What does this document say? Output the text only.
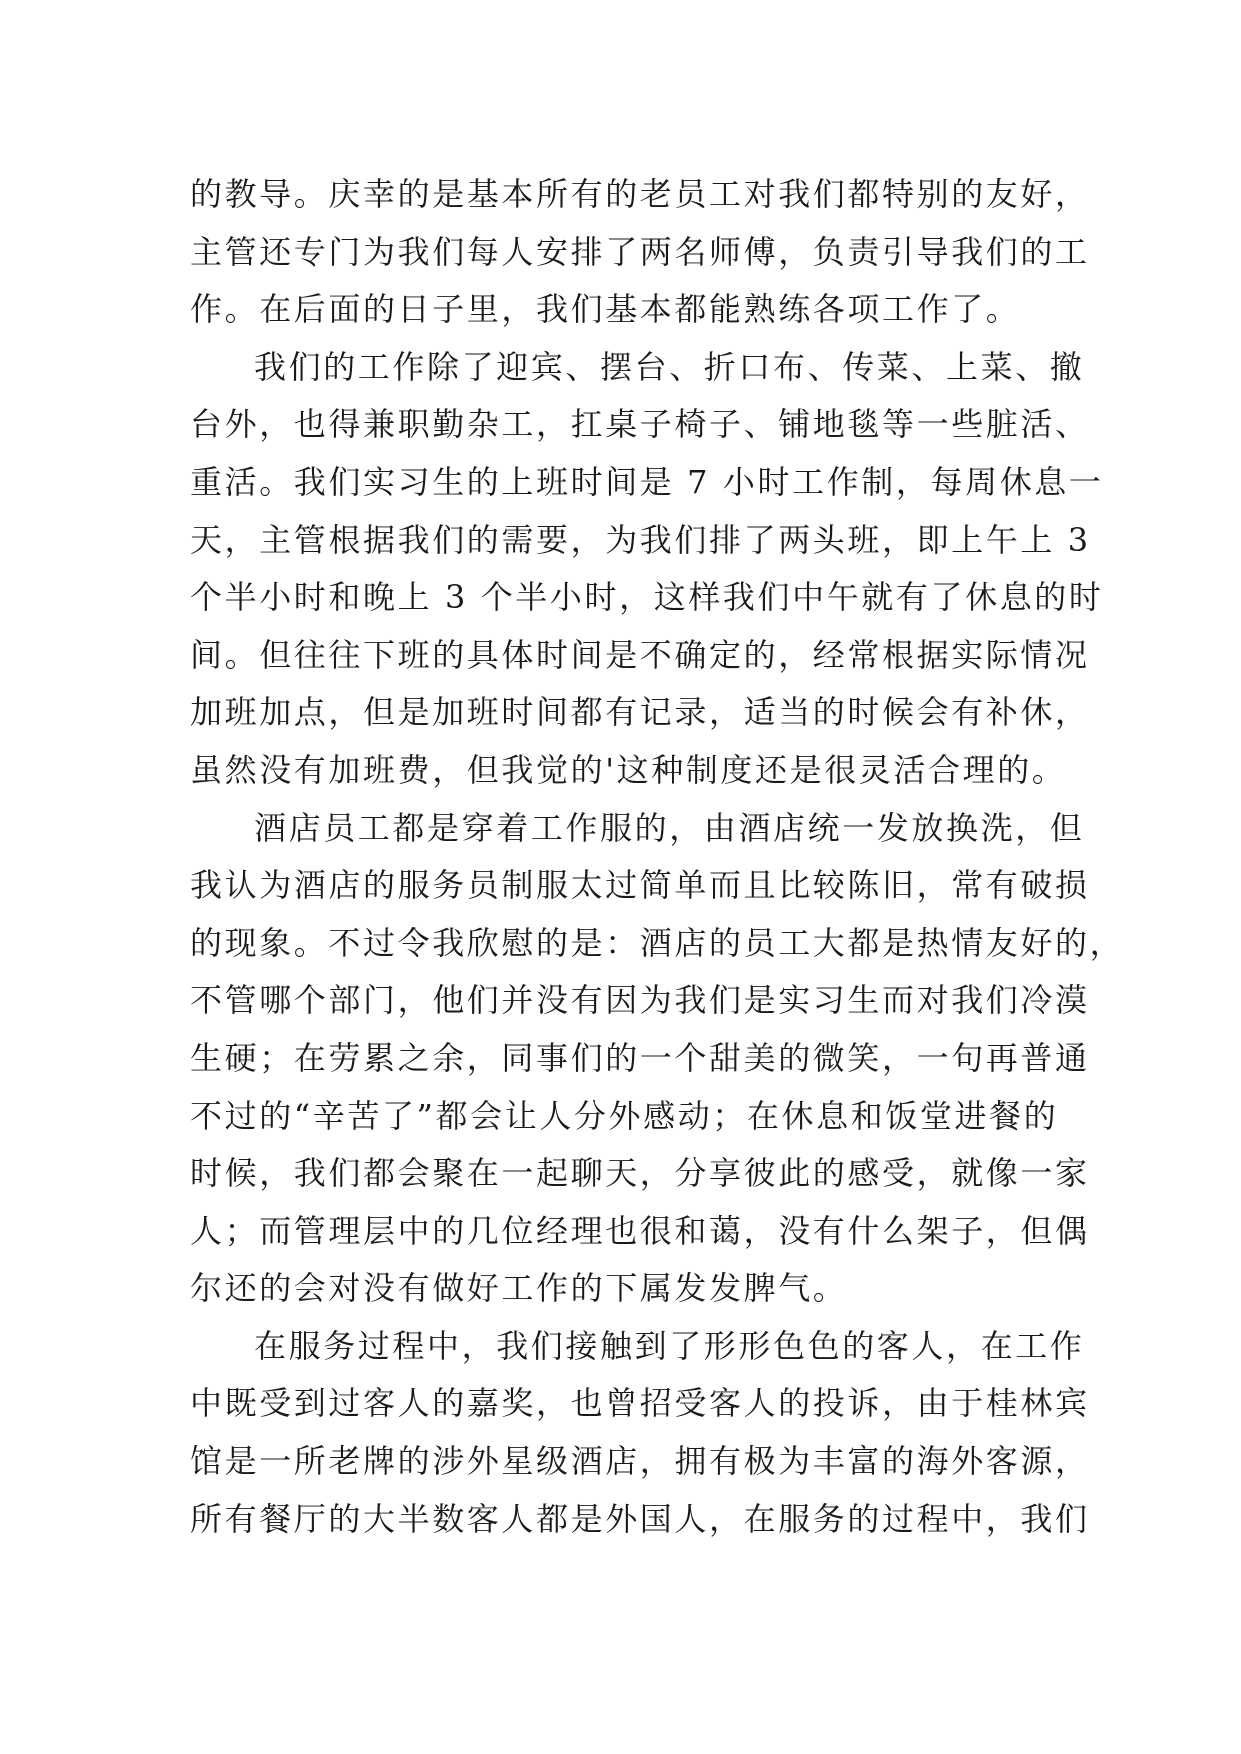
的教导。庆幸的是基本所有的老员工对我们都特别的友好，
主管还专门为我们每人安排了两名师傅，负责引导我们的工
作。在后面的日子里，我们基本都能熟练各项工作了。
我们的工作除了迎宾、摆台、折口布、传菜、上菜、撤
台外，也得兼职勤杂工，扛桌子椅子、铺地毯等一些脏活、
重活。我们实习生的上班时间是 7 小时工作制，每周休息一
天，主管根据我们的需要，为我们排了两头班，即上午上 3
个半小时和晚上 3 个半小时，这样我们中午就有了休息的时
间。但往往下班的具体时间是不确定的，经常根据实际情况
加班加点，但是加班时间都有记录，适当的时候会有补休，
虽然没有加班费，但我觉的'这种制度还是很灵活合理的。
酒店员工都是穿着工作服的，由酒店统一发放换洗，但
我认为酒店的服务员制服太过简单而且比较陈旧，常有破损
的现象。不过令我欣慰的是：酒店的员工大都是热情友好的，
不管哪个部门，他们并没有因为我们是实习生而对我们冷漠
生硬；在劳累之余，同事们的一个甜美的微笑，一句再普通
不过的“辛苦了”都会让人分外感动；在休息和饭堂进餐的
时候，我们都会聚在一起聊天，分享彼此的感受，就像一家
人；而管理层中的几位经理也很和蔼，没有什么架子，但偶
尔还的会对没有做好工作的下属发发脾气。
在服务过程中，我们接触到了形形色色的客人，在工作
中既受到过客人的嘉奖，也曾招受客人的投诉，由于桂林宾
馆是一所老牌的涉外星级酒店，拥有极为丰富的海外客源，
所有餐厅的大半数客人都是外国人，在服务的过程中，我们
